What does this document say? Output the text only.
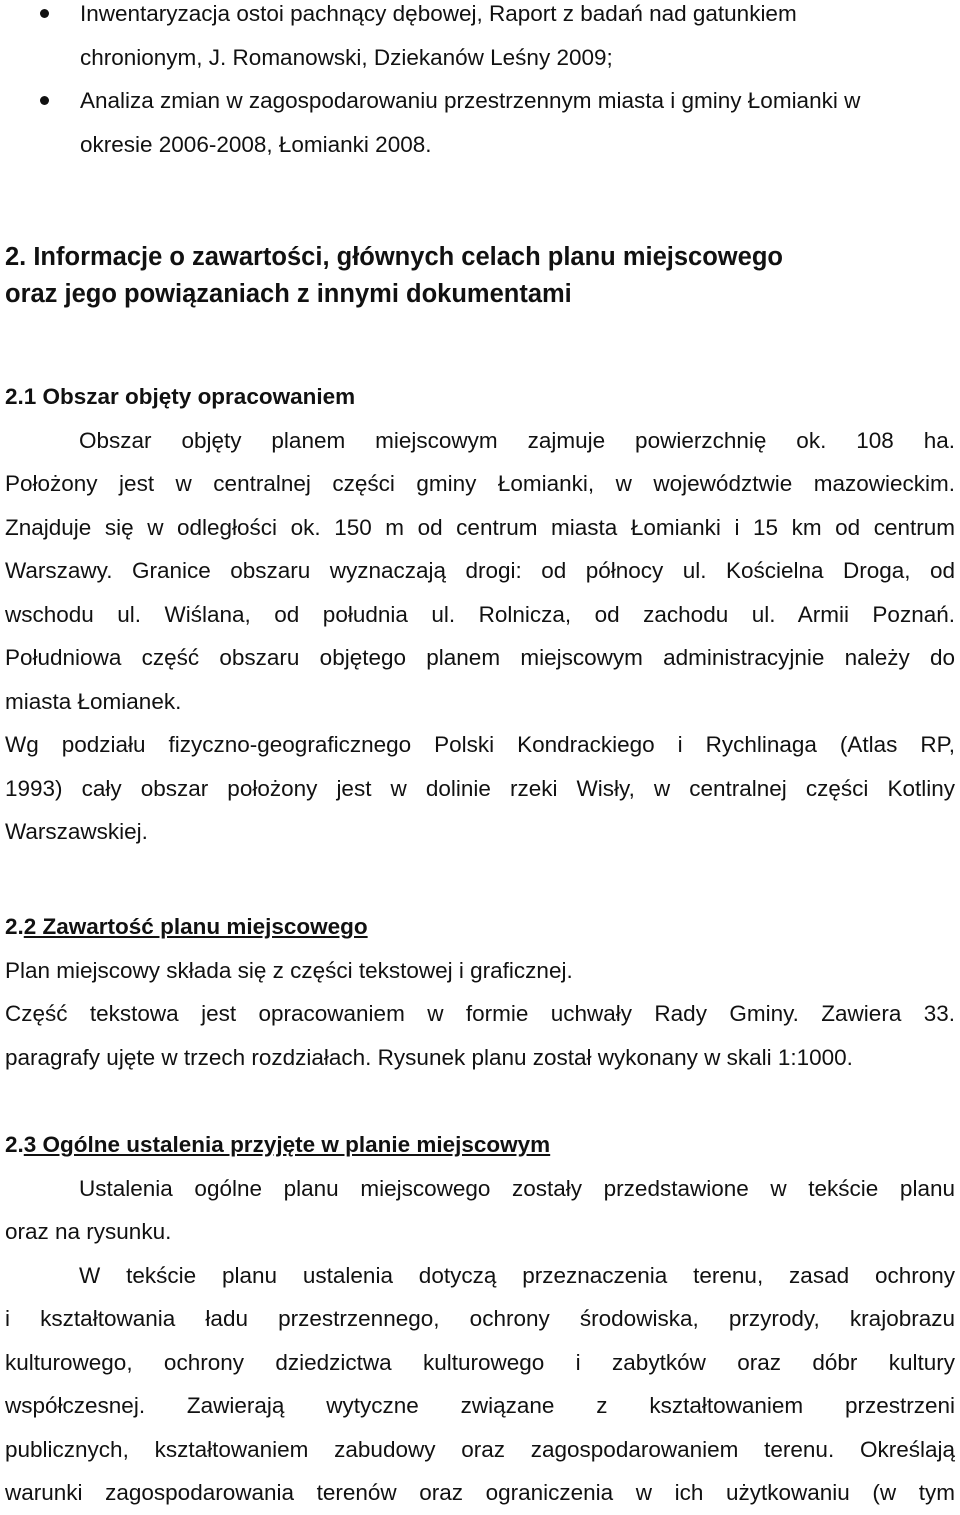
Inwentaryzacja ostoi pachnący dębowej, Raport z badań nad gatunkiem
chronionym, J. Romanowski, Dziekanów Leśny 2009;
Analiza zmian w zagospodarowaniu przestrzennym miasta i gminy Łomianki w
okresie 2006-2008, Łomianki 2008.
2. Informacje o zawartości, głównych celach planu miejscowego
oraz jego powiązaniach z innymi dokumentami
2.1 Obszar objęty opracowaniem
Obszar objęty planem miejscowym zajmuje powierzchnię ok. 108 ha.
Położony jest w centralnej części gminy Łomianki, w województwie mazowieckim.
Znajduje się w odległości ok. 150 m od centrum miasta Łomianki i 15 km od centrum
Warszawy. Granice obszaru wyznaczają drogi: od północy ul. Kościelna Droga, od
wschodu ul. Wiślana, od południa ul. Rolnicza, od zachodu ul. Armii Poznań.
Południowa część obszaru objętego planem miejscowym administracyjnie należy do
miasta Łomianek.
Wg podziału fizyczno-geograficznego Polski Kondrackiego i Rychlinaga (Atlas RP,
1993) cały obszar położony jest w dolinie rzeki Wisły, w centralnej części Kotliny
Warszawskiej.
2.2 Zawartość planu miejscowego
Plan miejscowy składa się z części tekstowej i graficznej.
Część tekstowa jest opracowaniem w formie uchwały Rady Gminy. Zawiera 33.
paragrafy ujęte w trzech rozdziałach. Rysunek planu został wykonany w skali 1:1000.
2.3 Ogólne ustalenia przyjęte w planie miejscowym
Ustalenia ogólne planu miejscowego zostały przedstawione w tekście planu
oraz na rysunku.
W tekście planu ustalenia dotyczą przeznaczenia terenu, zasad ochrony
i kształtowania ładu przestrzennego, ochrony środowiska, przyrody, krajobrazu
kulturowego, ochrony dziedzictwa kulturowego i zabytków oraz dóbr kultury
współczesnej. Zawierają wytyczne związane z kształtowaniem przestrzeni
publicznych, kształtowaniem zabudowy oraz zagospodarowaniem terenu. Określają
warunki zagospodarowania terenów oraz ograniczenia w ich użytkowaniu (w tym
